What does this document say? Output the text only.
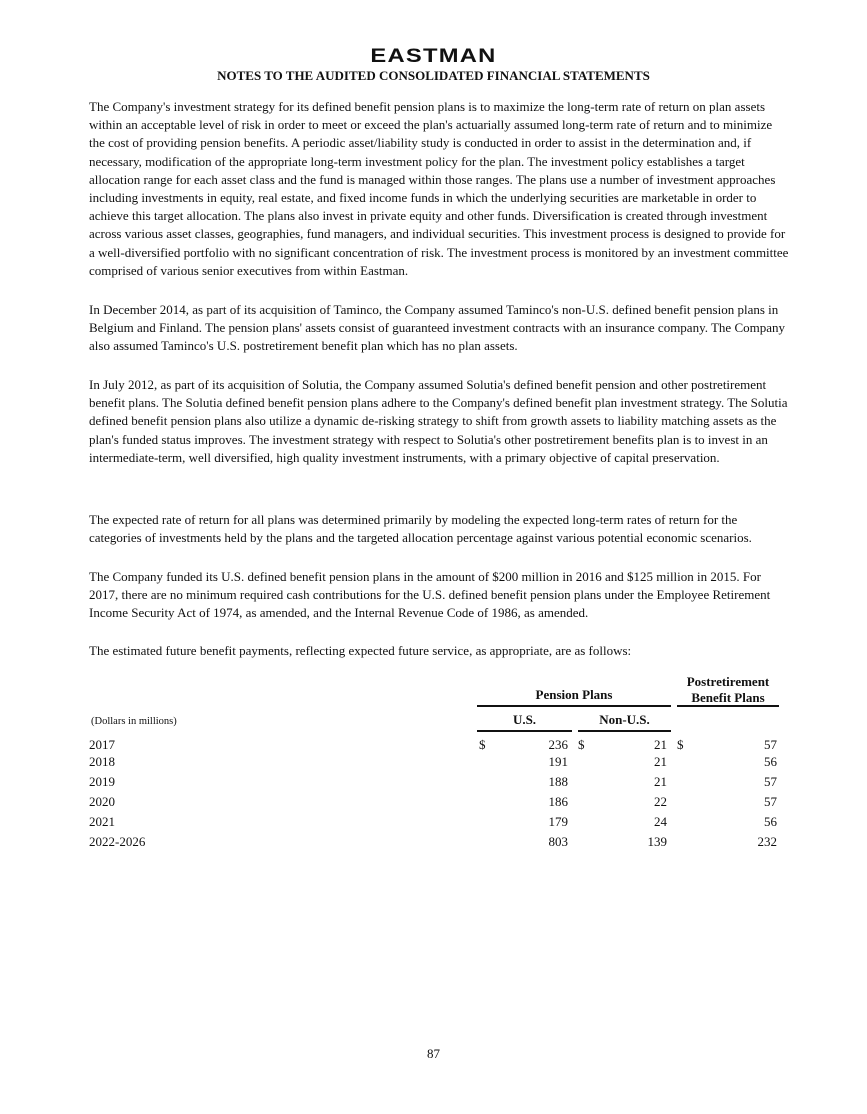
EASTMAN
NOTES TO THE AUDITED CONSOLIDATED FINANCIAL STATEMENTS

The Company's investment strategy for its defined benefit pension plans is to maximize the long-term rate of return on plan assets within an acceptable level of risk in order to meet or exceed the plan's actuarially assumed long-term rate of return and to minimize the cost of providing pension benefits. A periodic asset/liability study is conducted in order to assist in the determination and, if necessary, modification of the appropriate long-term investment policy for the plan. The investment policy establishes a target allocation range for each asset class and the fund is managed within those ranges. The plans use a number of investment approaches including investments in equity, real estate, and fixed income funds in which the underlying securities are marketable in order to achieve this target allocation. The plans also invest in private equity and other funds. Diversification is created through investment across various asset classes, geographies, fund managers, and individual securities. This investment process is designed to provide for a well-diversified portfolio with no significant concentration of risk. The investment process is monitored by an investment committee comprised of various senior executives from within Eastman.

In December 2014, as part of its acquisition of Taminco, the Company assumed Taminco's non-U.S. defined benefit pension plans in Belgium and Finland. The pension plans' assets consist of guaranteed investment contracts with an insurance company. The Company also assumed Taminco's U.S. postretirement benefit plan which has no plan assets.

In July 2012, as part of its acquisition of Solutia, the Company assumed Solutia's defined benefit pension and other postretirement benefit plans. The Solutia defined benefit pension plans adhere to the Company's defined benefit plan investment strategy. The Solutia defined benefit pension plans also utilize a dynamic de-risking strategy to shift from growth assets to liability matching assets as the plan's funded status improves. The investment strategy with respect to Solutia's other postretirement benefits plan is to invest in an intermediate-term, well diversified, high quality investment instruments, with a primary objective of capital preservation.

The expected rate of return for all plans was determined primarily by modeling the expected long-term rates of return for the categories of investments held by the plans and the targeted allocation percentage against various potential economic scenarios.

The Company funded its U.S. defined benefit pension plans in the amount of $200 million in 2016 and $125 million in 2015. For 2017, there are no minimum required cash contributions for the U.S. defined benefit pension plans under the Employee Retirement Income Security Act of 1974, as amended, and the Internal Revenue Code of 1986, as amended.

The estimated future benefit payments, reflecting expected future service, as appropriate, are as follows:

Pension Plans
Postretirement
Benefit Plans
(Dollars in millions)	U.S.	Non-U.S.
2017	$	236 $	21 $	57
2018	191	21	56
2019	188	21	57
2020	186	22	57
2021	179	24	56
2022-2026	803	139	232
87
